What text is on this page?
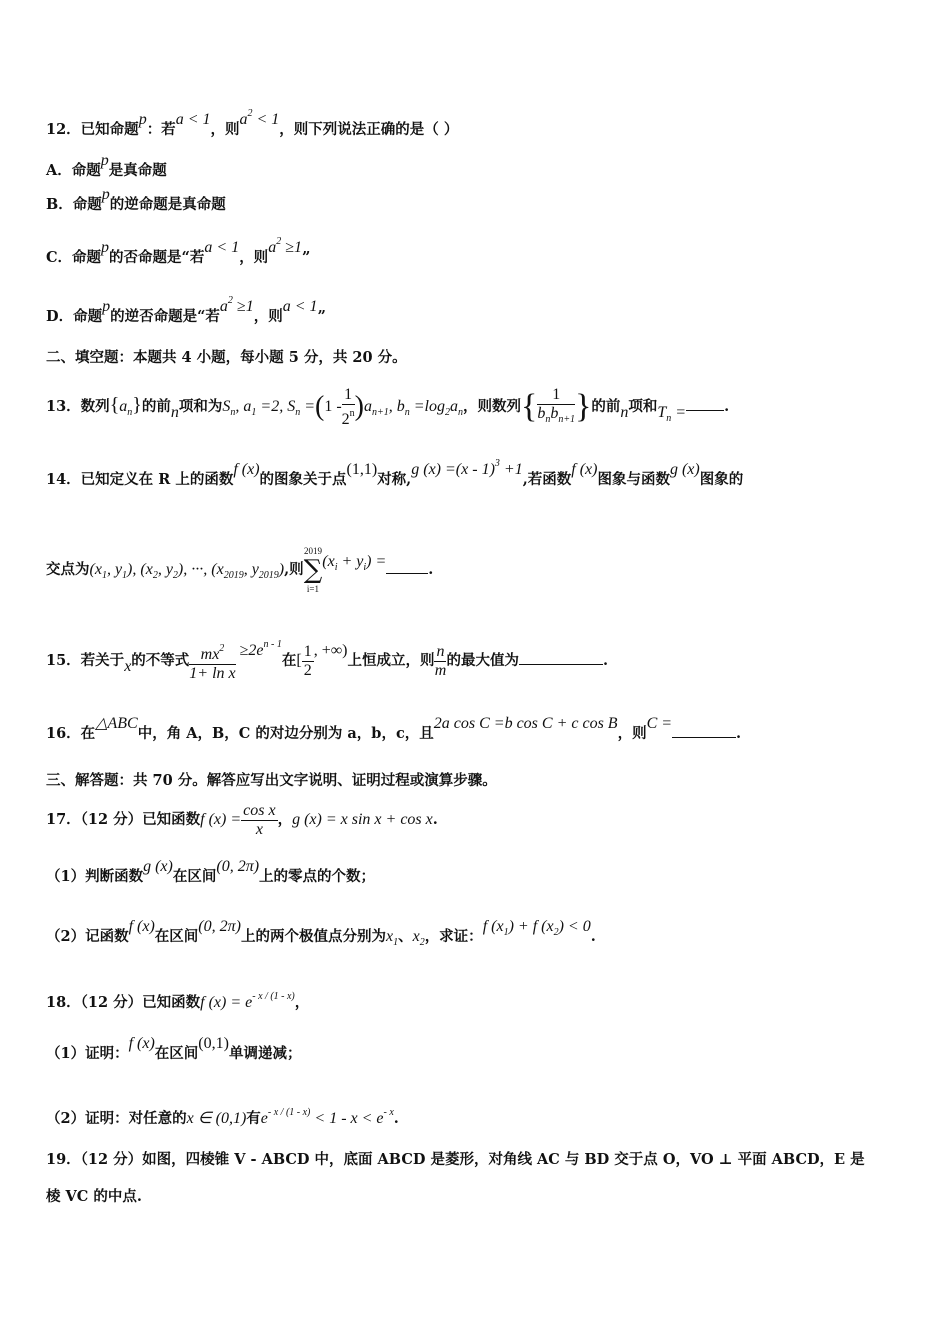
12．已知命题p：若a < 1，则$a^2 < 1$，则下列说法正确的是（ ）
A．命题p是真命题
B．命题p的逆命题是真命题
C．命题p的否命题是“若a < 1，则$a^2 \ge 1$”
D．命题p的逆否命题是“若$a^2 \ge 1$，则a < 1”
二、填空题：本题共 4 小题，每小题 5 分，共 20 分。
13．数列$\{a_n\}$的前n项和为$S_n$, $a_1 =2$, $S_n =(1 - \frac{1}{2^n} )a_{n+1}$, $b_n =\log_2a_n$，则数列{ $\frac{1}{b_nb_{n+1}}$ }的前n项和$T_n$ =	.
14．已知定义在 R 上的函数f (x)的图象关于点(1,1)对称,g (x) =(x - 1)$^3$ +1,若函数f (x)图象与函数g (x)图象的
交点为($x_1$, $y_1$), ($x_2$, $y_2$), ···, ($x_{2019}$, $y_{2019}$),则
2019
∑
i=1
$(x_i + y_i)$ =	.
15．若关于x的不等式 $\frac{mx^2}{\text{1+ ln x}} \ge 2e^{n - 1}$在[ $\frac{1}{2}$ , +∞)上恒成立，则 $\frac{n}{m}$ 的最大值为	.
16．在△ABC中，角 A，B，C 的对边分别为 a，b，c，且2a cos C =b cos C + c cos B，则C =.
三、解答题：共 70 分。解答应写出文字说明、证明过程或演算步骤。
17．（12 分）已知函数f $(x) = \frac{\text{cos x}}{x}$ ，g (x) = x sin x + cos x.
（1）判断函数g (x)在区间(0, 2π)上的零点的个数；
（2）记函数f (x)在区间(0, 2π)上的两个极值点分别为$x_1$、$x_2$，求证：f $(x_1) + f$ $(x_2) < 0$.
18．（12 分）已知函数f $(x) = e^{- x / (1 - x)}$，
（1）证明：f (x)在区间(0,1)单调递减；
（2）证明：对任意的x ∈ (0,1)有$e^{- x / (1 - x)} < 1 - x < e^{- x}$.
19．（12 分）如图，四棱锥 V - ABCD 中，底面 ABCD 是菱形，对角线 AC 与 BD 交于点 O，VO ⊥ 平面 ABCD，E 是
棱 VC 的中点.
